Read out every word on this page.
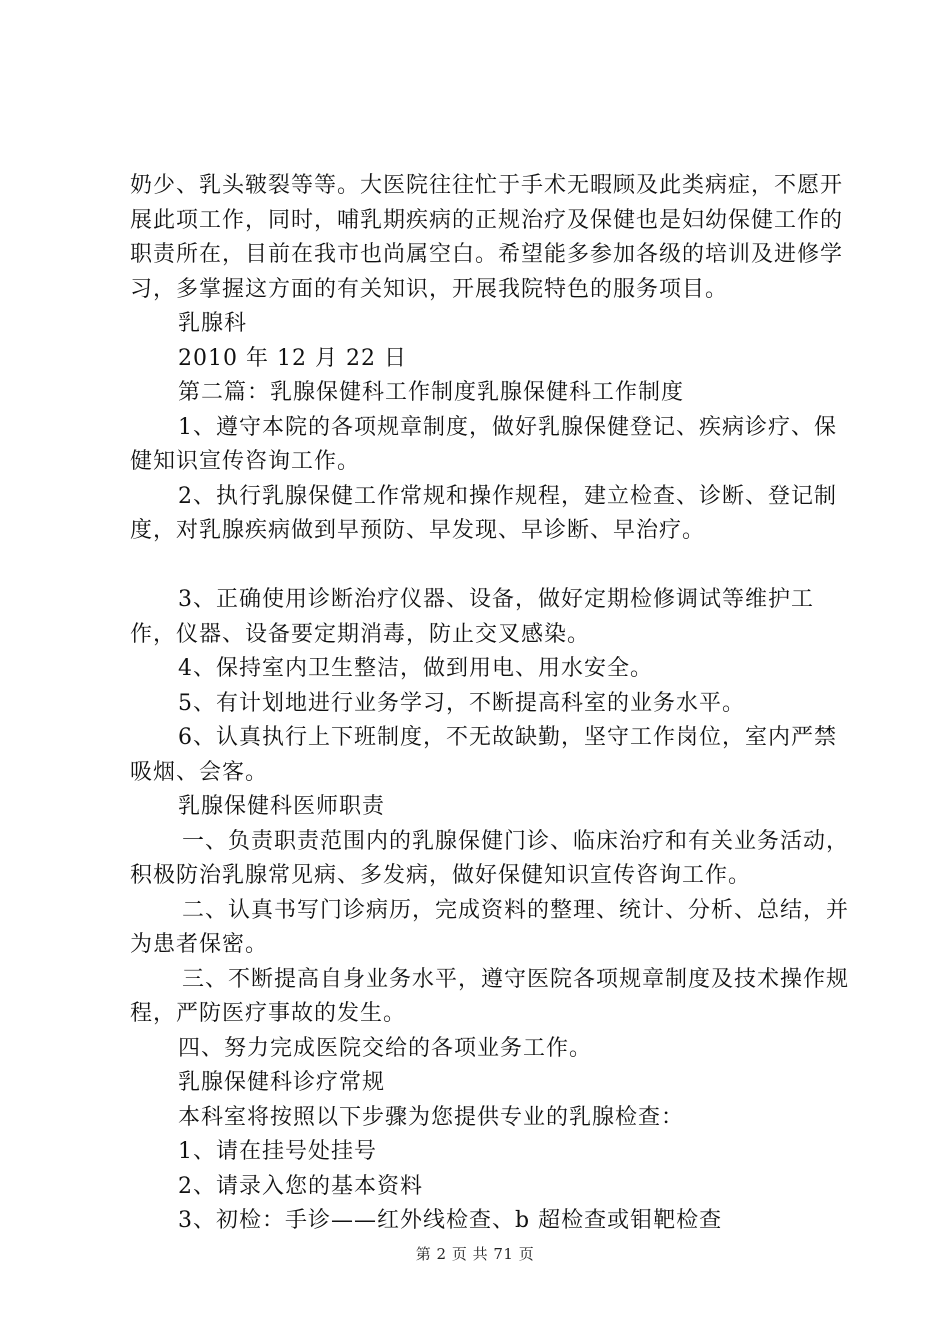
奶少、乳头皲裂等等。大医院往往忙于手术无暇顾及此类病症，不愿开展此项工作，同时，哺乳期疾病的正规治疗及保健也是妇幼保健工作的职责所在，目前在我市也尚属空白。希望能多参加各级的培训及进修学习，多掌握这方面的有关知识，开展我院特色的服务项目。

乳腺科

2010 年 12 月 22 日

第二篇：乳腺保健科工作制度乳腺保健科工作制度

1、遵守本院的各项规章制度，做好乳腺保健登记、疾病诊疗、保健知识宣传咨询工作。

2、执行乳腺保健工作常规和操作规程，建立检查、诊断、登记制度，对乳腺疾病做到早预防、早发现、早诊断、早治疗。

3、正确使用诊断治疗仪器、设备，做好定期检修调试等维护工作，仪器、设备要定期消毒，防止交叉感染。

4、保持室内卫生整洁，做到用电、用水安全。

5、有计划地进行业务学习，不断提高科室的业务水平。

6、认真执行上下班制度，不无故缺勤，坚守工作岗位，室内严禁吸烟、会客。

乳腺保健科医师职责

一、负责职责范围内的乳腺保健门诊、临床治疗和有关业务活动，积极防治乳腺常见病、多发病，做好保健知识宣传咨询工作。

二、认真书写门诊病历，完成资料的整理、统计、分析、总结，并为患者保密。

三、不断提高自身业务水平，遵守医院各项规章制度及技术操作规程，严防医疗事故的发生。

四、努力完成医院交给的各项业务工作。

乳腺保健科诊疗常规

本科室将按照以下步骤为您提供专业的乳腺检查：

1、请在挂号处挂号

2、请录入您的基本资料

3、初检：手诊——红外线检查、b 超检查或钼靶检查

第 2 页 共 71 页
